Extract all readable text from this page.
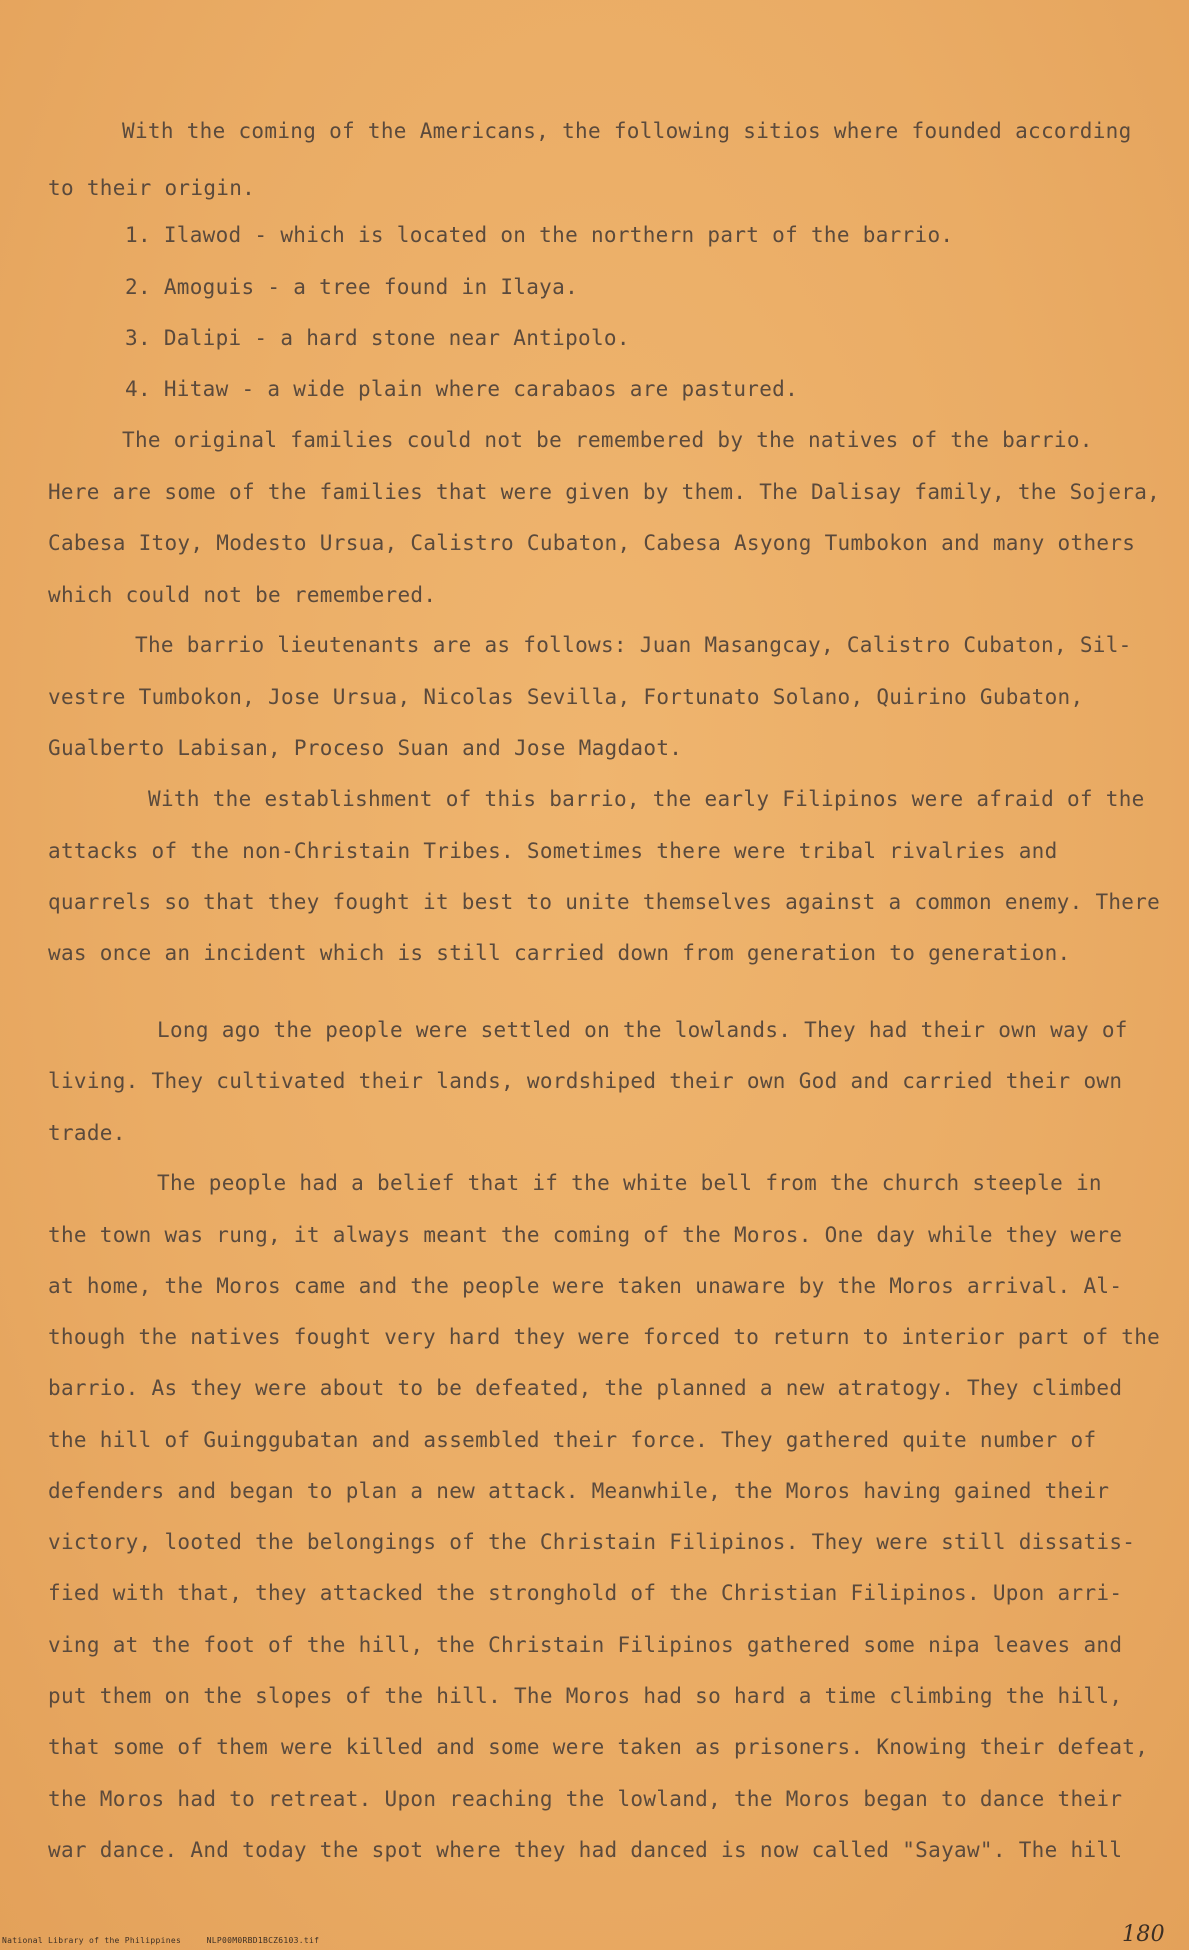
With the coming of the Americans, the following sitios where founded according
to their origin.
1. Ilawod - which is located on the northern part of the barrio.
2. Amoguis - a tree found in Ilaya.
3. Dalipi - a hard stone near Antipolo.
4. Hitaw - a wide plain where carabaos are pastured.
The original families could not be remembered by the natives of the barrio.
Here are some of the families that were given by them. The Dalisay family, the Sojera,
Cabesa Itoy, Modesto Ursua, Calistro Cubaton, Cabesa Asyong Tumbokon and many others
which could not be remembered.
The barrio lieutenants are as follows: Juan Masangcay, Calistro Cubaton, Sil-
vestre Tumbokon, Jose Ursua, Nicolas Sevilla, Fortunato Solano, Quirino Gubaton,
Gualberto Labisan, Proceso Suan and Jose Magdaot.
With the establishment of this barrio, the early Filipinos were afraid of the
attacks of the non-Christain Tribes. Sometimes there were tribal rivalries and
quarrels so that they fought it best to unite themselves against a common enemy. There
was once an incident which is still carried down from generation to generation.
Long ago the people were settled on the lowlands. They had their own way of
living. They cultivated their lands, wordshiped their own God and carried their own
trade.
The people had a belief that if the white bell from the church steeple in
the town was rung, it always meant the coming of the Moros. One day while they were
at home, the Moros came and the people were taken unaware by the Moros arrival. Al-
though the natives fought very hard they were forced to return to interior part of the
barrio. As they were about to be defeated, the planned a new atratogy. They climbed
the hill of Guinggubatan and assembled their force. They gathered quite number of
defenders and began to plan a new attack. Meanwhile, the Moros having gained their
victory, looted the belongings of the Christain Filipinos. They were still dissatis-
fied with that, they attacked the stronghold of the Christian Filipinos. Upon arri-
ving at the foot of the hill, the Christain Filipinos gathered some nipa leaves and
put them on the slopes of the hill. The Moros had so hard a time climbing the hill,
that some of them were killed and some were taken as prisoners. Knowing their defeat,
the Moros had to retreat. Upon reaching the lowland, the Moros began to dance their
war dance. And today the spot where they had danced is now called "Sayaw". The hill
National Library of the Philippines	NLP00M0RBD1BCZ6103.tif	180
